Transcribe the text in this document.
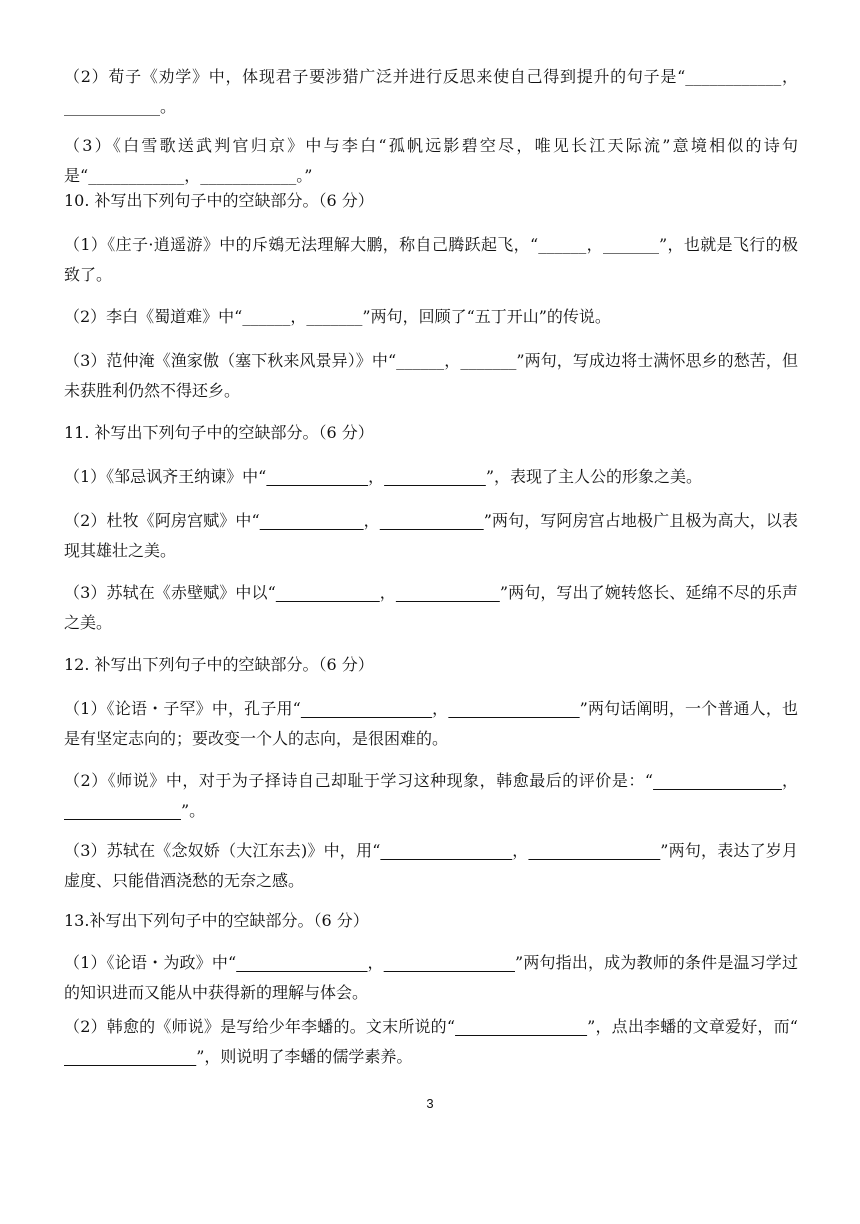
（2）荀子《劝学》中，体现君子要涉猎广泛并进行反思来使自己得到提升的句子是“____________，____________。

（3）《白雪歌送武判官归京》中与李白“孤帆远影碧空尽，唯见长江天际流”意境相似的诗句是“____________，____________。”

10. 补写出下列句子中的空缺部分。（6 分）

（1）《庄子·逍遥游》中的斥鴳无法理解大鹏，称自己腾跃起飞，“______，_______”，也就是飞行的极致了。

（2）李白《蜀道难》中“______，_______”两句，回顾了“五丁开山”的传说。

（3）范仲淹《渔家傲（塞下秋来风景异）》中“______，_______”两句，写成边将士满怀思乡的愁苦，但未获胜利仍然不得还乡。

11. 补写出下列句子中的空缺部分。（6 分）

（1）《邹忌讽齐王纳谏》中“	，	”，表现了主人公的形象之美。

（2）杜牧《阿房宫赋》中“	，	”两句，写阿房宫占地极广且极为高大，以表现其雄壮之美。

（3）苏轼在《赤壁赋》中以“	，	”两句，写出了婉转悠长、延绵不尽的乐声之美。

12. 补写出下列句子中的空缺部分。（6 分）

（1）《论语・子罕》中，孔子用“	，	”两句话阐明，一个普通人，也是有坚定志向的；要改变一个人的志向，是很困难的。

（2）《师说》中，对于为子择诗自己却耻于学习这种现象，韩愈最后的评价是：“	，                       ”。

（3）苏轼在《念奴娇（大江东去)》中，用“	，	”两句，表达了岁月虚度、只能借酒浇愁的无奈之感。

13.补写出下列句子中的空缺部分。（6 分）

（1）《论语・为政》中“	，	”两句指出，成为教师的条件是温习学过的知识进而又能从中获得新的理解与体会。

（2）韩愈的《师说》是写给少年李蟠的。文末所说的“	”，点出李蟠的文章爱好，而“                          ”，则说明了李蟠的儒学素养。

3
